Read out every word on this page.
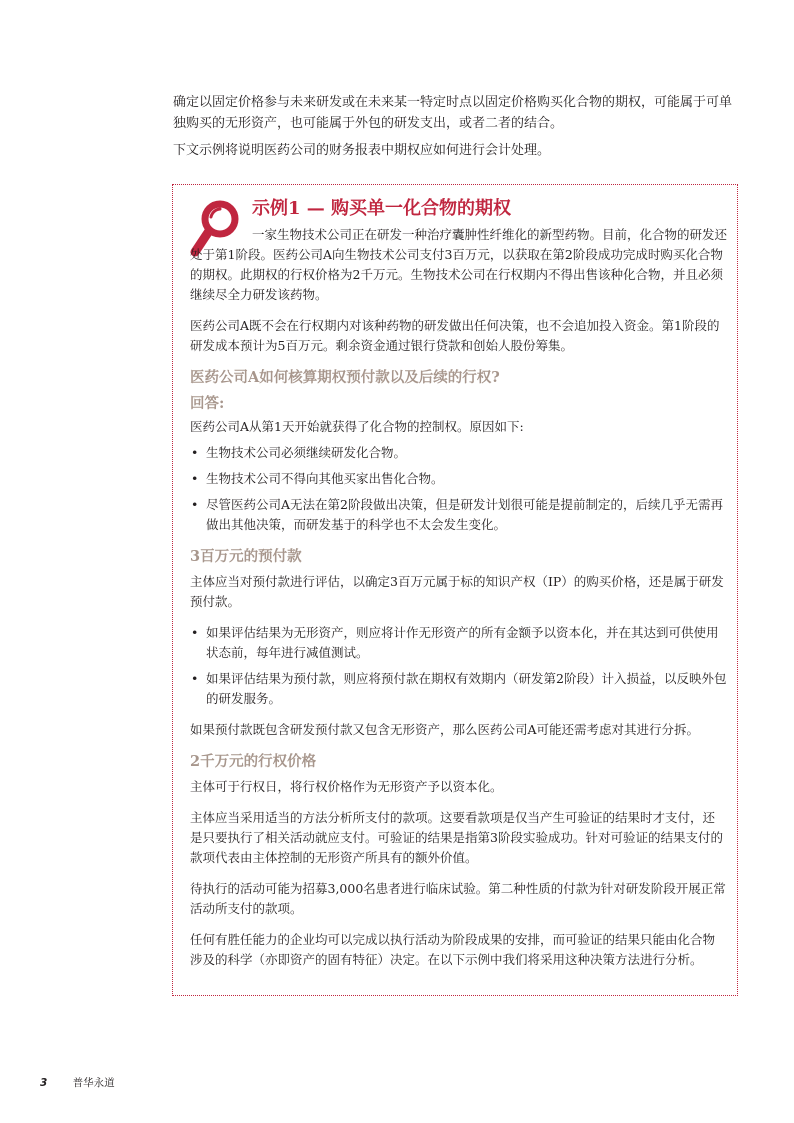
确定以固定价格参与未来研发或在未来某一特定时点以固定价格购买化合物的期权，可能属于可单独购买的无形资产，也可能属于外包的研发支出，或者二者的结合。

下文示例将说明医药公司的财务报表中期权应如何进行会计处理。

示例1 — 购买单一化合物的期权

一家生物技术公司正在研发一种治疗囊肿性纤维化的新型药物。目前，化合物的研发还处于第1阶段。医药公司A向生物技术公司支付3百万元，以获取在第2阶段成功完成时购买化合物的期权。此期权的行权价格为2千万元。生物技术公司在行权期内不得出售该种化合物，并且必须继续尽全力研发该药物。

医药公司A既不会在行权期内对该种药物的研发做出任何决策，也不会追加投入资金。第1阶段的研发成本预计为5百万元。剩余资金通过银行贷款和创始人股份筹集。

医药公司A如何核算期权预付款以及后续的行权?

回答:

医药公司A从第1天开始就获得了化合物的控制权。原因如下:

• 生物技术公司必须继续研发化合物。
• 生物技术公司不得向其他买家出售化合物。
• 尽管医药公司A无法在第2阶段做出决策，但是研发计划很可能是提前制定的，后续几乎无需再做出其他决策，而研发基于的科学也不太会发生变化。

3百万元的预付款

主体应当对预付款进行评估，以确定3百万元属于标的知识产权（IP）的购买价格，还是属于研发预付款。

• 如果评估结果为无形资产，则应将计作无形资产的所有金额予以资本化，并在其达到可供使用状态前，每年进行减值测试。
• 如果评估结果为预付款，则应将预付款在期权有效期内（研发第2阶段）计入损益，以反映外包的研发服务。

如果预付款既包含研发预付款又包含无形资产，那么医药公司A可能还需考虑对其进行分拆。

2千万元的行权价格

主体可于行权日，将行权价格作为无形资产予以资本化。

主体应当采用适当的方法分析所支付的款项。这要看款项是仅当产生可验证的结果时才支付，还是只要执行了相关活动就应支付。可验证的结果是指第3阶段实验成功。针对可验证的结果支付的款项代表由主体控制的无形资产所具有的额外价值。

待执行的活动可能为招募3,000名患者进行临床试验。第二种性质的付款为针对研发阶段开展正常活动所支付的款项。

任何有胜任能力的企业均可以完成以执行活动为阶段成果的安排，而可验证的结果只能由化合物涉及的科学（亦即资产的固有特征）决定。在以下示例中我们将采用这种决策方法进行分析。

3 普华永道
